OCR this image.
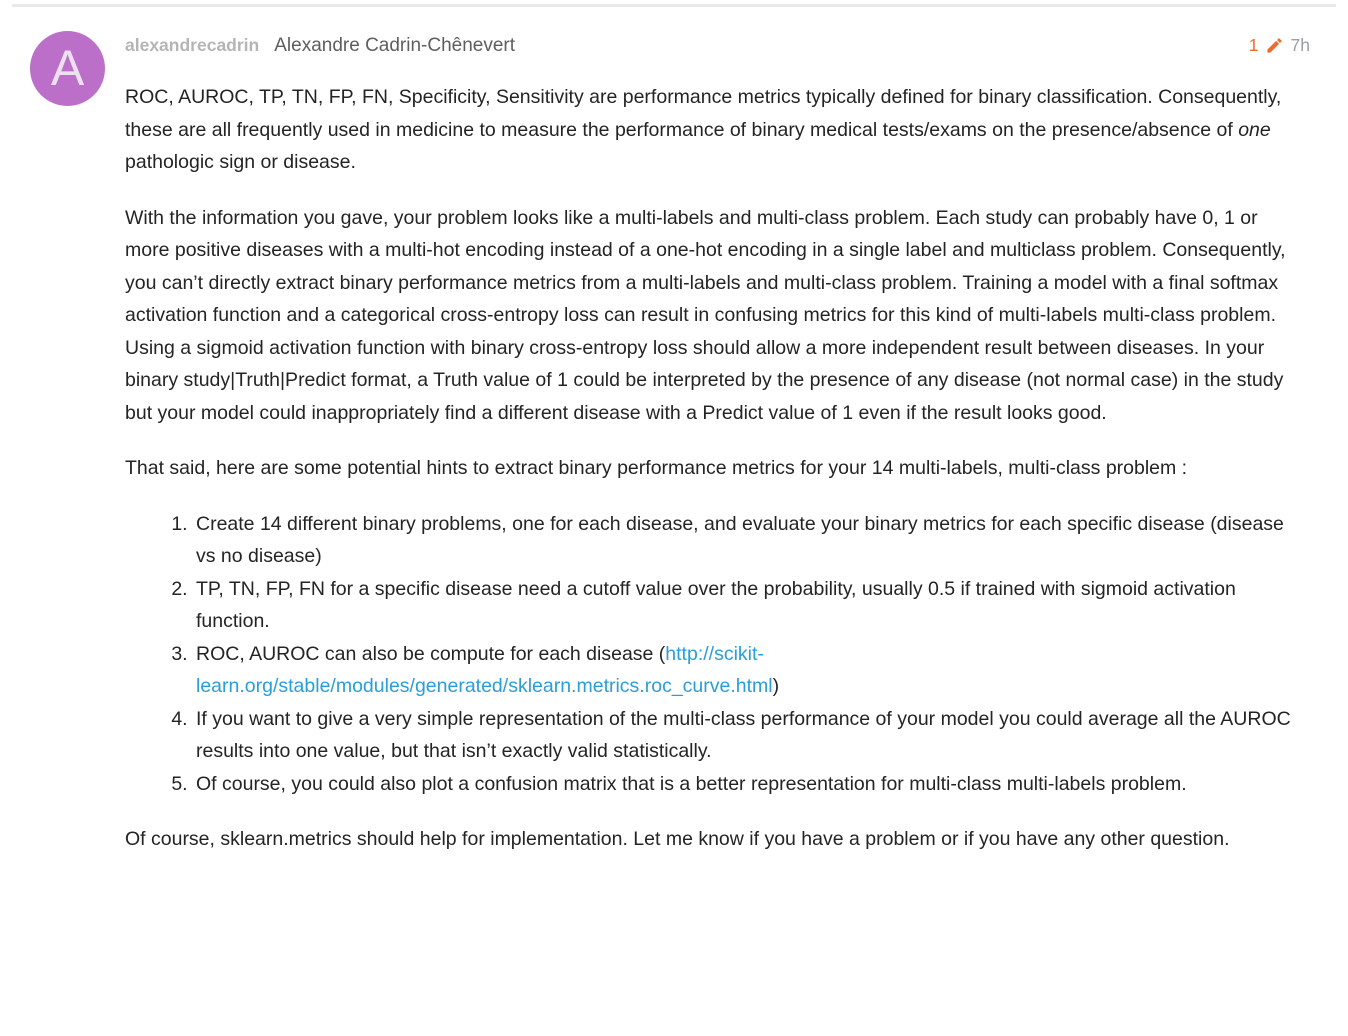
A	alexandrecadrin Alexandre Cadrin-Chênevert	1 7h

ROC, AUROC, TP, TN, FP, FN, Specificity, Sensitivity are performance metrics typically defined for binary classification. Consequently, these are all frequently used in medicine to measure the performance of binary medical tests/exams on the presence/absence of one pathologic sign or disease.

With the information you gave, your problem looks like a multi-labels and multi-class problem. Each study can probably have 0, 1 or more positive diseases with a multi-hot encoding instead of a one-hot encoding in a single label and multiclass problem. Consequently, you can’t directly extract binary performance metrics from a multi-labels and multi-class problem. Training a model with a final softmax activation function and a categorical cross-entropy loss can result in confusing metrics for this kind of multi-labels multi-class problem. Using a sigmoid activation function with binary cross-entropy loss should allow a more independent result between diseases. In your binary study|Truth|Predict format, a Truth value of 1 could be interpreted by the presence of any disease (not normal case) in the study but your model could inappropriately find a different disease with a Predict value of 1 even if the result looks good.

That said, here are some potential hints to extract binary performance metrics for your 14 multi-labels, multi-class problem :

1. Create 14 different binary problems, one for each disease, and evaluate your binary metrics for each specific disease (disease vs no disease)
2. TP, TN, FP, FN for a specific disease need a cutoff value over the probability, usually 0.5 if trained with sigmoid activation function.
3. ROC, AUROC can also be compute for each disease (http://scikit-learn.org/stable/modules/generated/sklearn.metrics.roc_curve.html)
4. If you want to give a very simple representation of the multi-class performance of your model you could average all the AUROC results into one value, but that isn’t exactly valid statistically.
5. Of course, you could also plot a confusion matrix that is a better representation for multi-class multi-labels problem.

Of course, sklearn.metrics should help for implementation. Let me know if you have a problem or if you have any other question.
